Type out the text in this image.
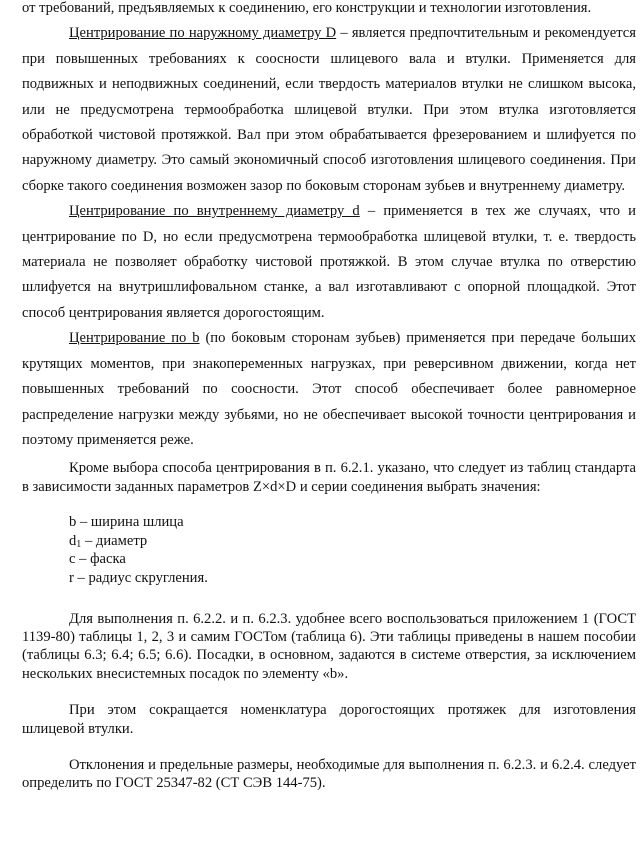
от требований, предъявляемых к соединению, его конструкции и технологии изготовления.

Центрирование по наружному диаметру D – является предпочтительным и рекомендуется при повышенных требованиях к соосности шлицевого вала и втулки. Применяется для подвижных и неподвижных соединений, если твердость материалов втулки не слишком высока, или не предусмотрена термообработка шлицевой втулки. При этом втулка изготовляется обработкой чистовой протяжкой. Вал при этом обрабатывается фрезерованием и шлифуется по наружному диаметру. Это самый экономичный способ изготовления шлицевого соединения. При сборке такого соединения возможен зазор по боковым сторонам зубьев и внутреннему диаметру.

Центрирование по внутреннему диаметру d – применяется в тех же случаях, что и центрирование по D, но если предусмотрена термообработка шлицевой втулки, т. е. твердость материала не позволяет обработку чистовой протяжкой. В этом случае втулка по отверстию шлифуется на внутришлифовальном станке, а вал изготавливают с опорной площадкой. Этот способ центрирования является дорогостоящим.

Центрирование по b (по боковым сторонам зубьев) применяется при передаче больших крутящих моментов, при знакопеременных нагрузках, при реверсивном движении, когда нет повышенных требований по соосности. Этот способ обеспечивает более равномерное распределение нагрузки между зубьями, но не обеспечивает высокой точности центрирования и поэтому применяется реже.

Кроме выбора способа центрирования в п. 6.2.1. указано, что следует из таблиц стандарта в зависимости заданных параметров Z×d×D и серии соединения выбрать значения:

b – ширина шлица
$d_1$ – диаметр
c – фаска
r – радиус скругления.

Для выполнения п. 6.2.2. и п. 6.2.3. удобнее всего воспользоваться приложением 1 (ГОСТ 1139-80) таблицы 1, 2, 3 и самим ГОСТом (таблица 6). Эти таблицы приведены в нашем пособии (таблицы 6.3; 6.4; 6.5; 6.6). Посадки, в основном, задаются в системе отверстия, за исключением нескольких внесистемных посадок по элементу «b».

При этом сокращается номенклатура дорогостоящих протяжек для изготовления шлицевой втулки.

Отклонения и предельные размеры, необходимые для выполнения п. 6.2.3. и 6.2.4. следует определить по ГОСТ 25347-82 (СТ СЭВ 144-75).
